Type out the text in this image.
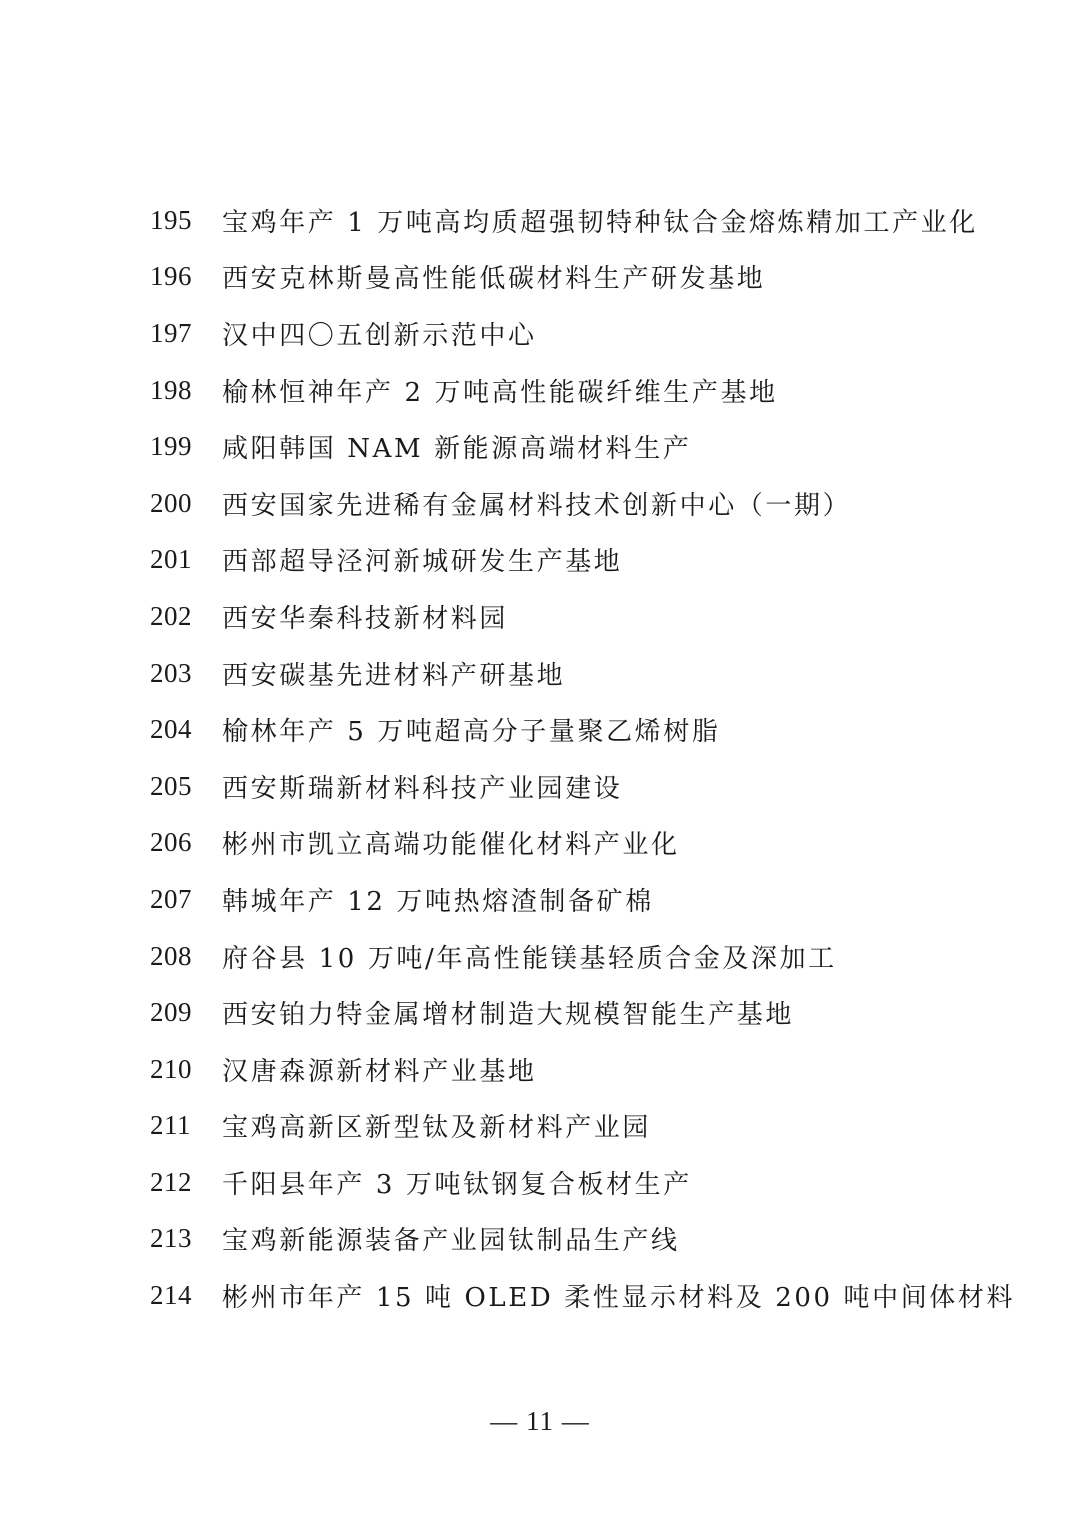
195	宝鸡年产 1 万吨高均质超强韧特种钛合金熔炼精加工产业化
196	西安克林斯曼高性能低碳材料生产研发基地
197	汉中四〇五创新示范中心
198	榆林恒神年产 2 万吨高性能碳纤维生产基地
199	咸阳韩国 NAM 新能源高端材料生产
200	西安国家先进稀有金属材料技术创新中心（一期）
201	西部超导泾河新城研发生产基地
202	西安华秦科技新材料园
203	西安碳基先进材料产研基地
204	榆林年产 5 万吨超高分子量聚乙烯树脂
205	西安斯瑞新材料科技产业园建设
206	彬州市凯立高端功能催化材料产业化
207	韩城年产 12 万吨热熔渣制备矿棉
208	府谷县 10 万吨/年高性能镁基轻质合金及深加工
209	西安铂力特金属增材制造大规模智能生产基地
210	汉唐森源新材料产业基地
211	宝鸡高新区新型钛及新材料产业园
212	千阳县年产 3 万吨钛钢复合板材生产
213	宝鸡新能源装备产业园钛制品生产线
214	彬州市年产 15 吨 OLED 柔性显示材料及 200 吨中间体材料
— 11 —
